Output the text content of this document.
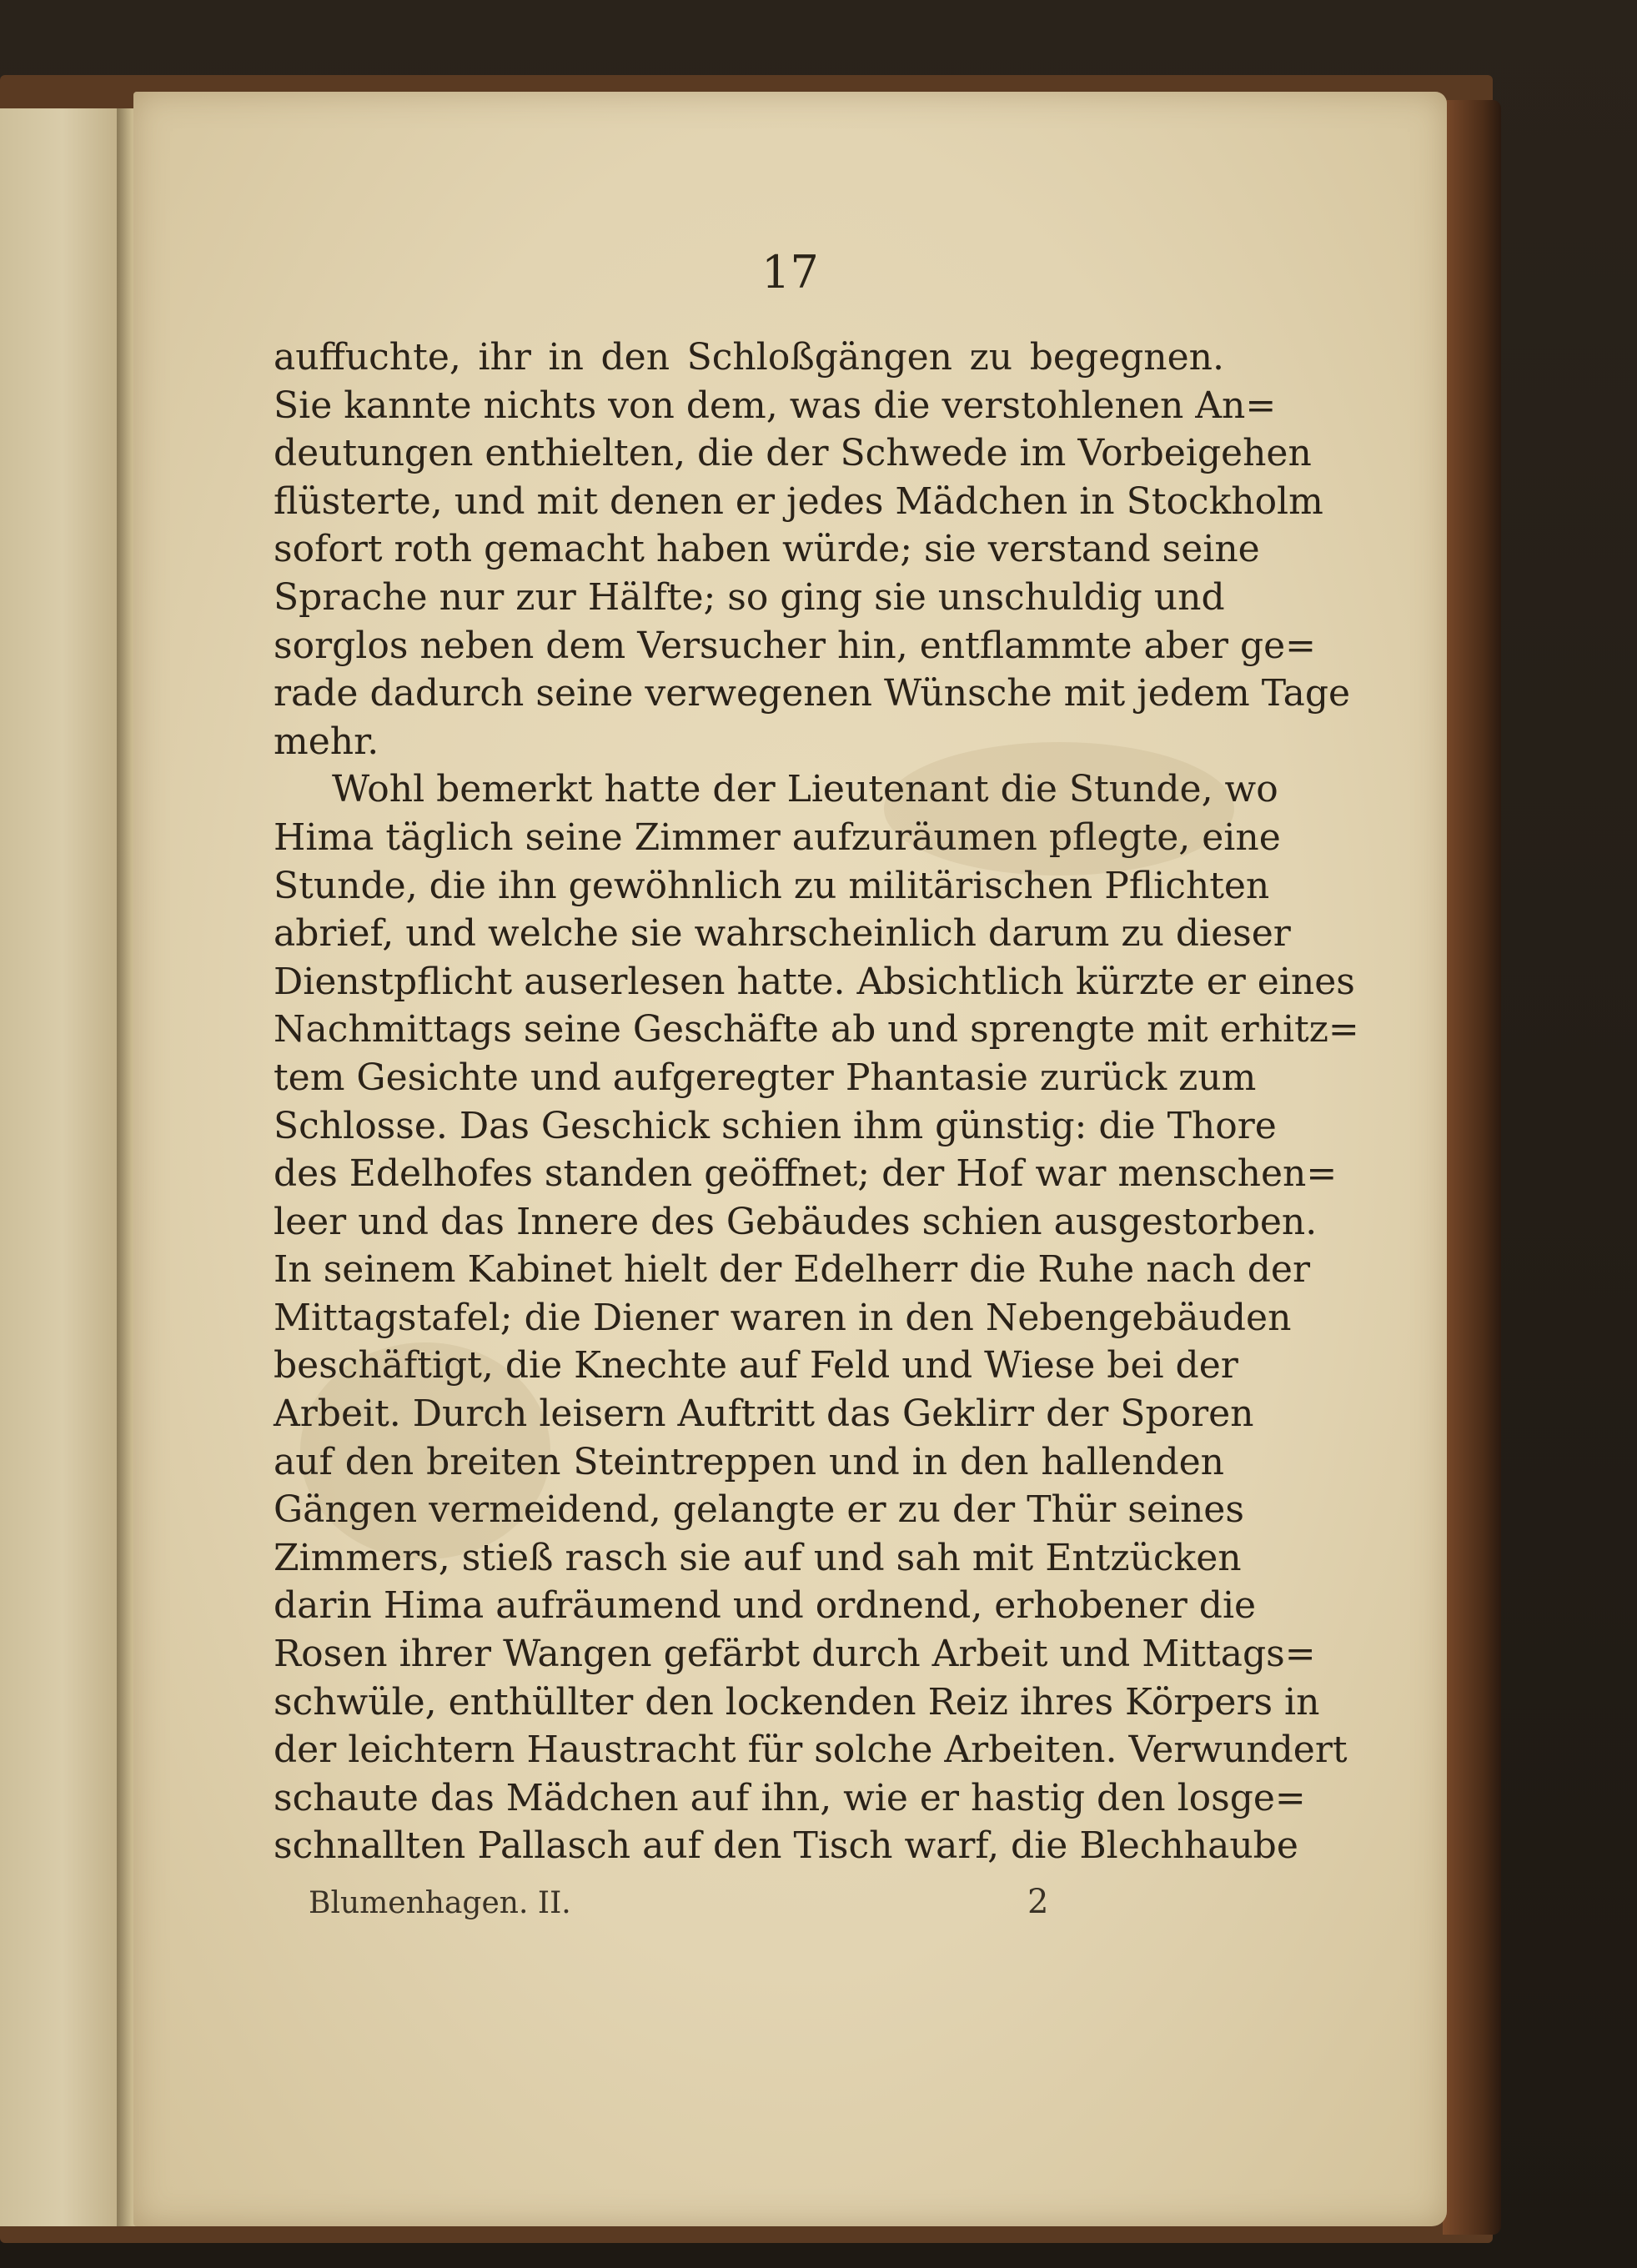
17
auffuchte, ihr in den Schloßgängen zu begegnen.
Sie kannte nichts von dem, was die verstohlenen An=
deutungen enthielten, die der Schwede im Vorbeigehen
flüsterte, und mit denen er jedes Mädchen in Stockholm
sofort roth gemacht haben würde; sie verstand seine
Sprache nur zur Hälfte; so ging sie unschuldig und
sorglos neben dem Versucher hin, entflammte aber ge=
rade dadurch seine verwegenen Wünsche mit jedem Tage
mehr.
Wohl bemerkt hatte der Lieutenant die Stunde, wo
Hima täglich seine Zimmer aufzuräumen pflegte, eine
Stunde, die ihn gewöhnlich zu militärischen Pflichten
abrief, und welche sie wahrscheinlich darum zu dieser
Dienstpflicht auserlesen hatte. Absichtlich kürzte er eines
Nachmittags seine Geschäfte ab und sprengte mit erhitz=
tem Gesichte und aufgeregter Phantasie zurück zum
Schlosse. Das Geschick schien ihm günstig: die Thore
des Edelhofes standen geöffnet; der Hof war menschen=
leer und das Innere des Gebäudes schien ausgestorben.
In seinem Kabinet hielt der Edelherr die Ruhe nach der
Mittagstafel; die Diener waren in den Nebengebäuden
beschäftigt, die Knechte auf Feld und Wiese bei der
Arbeit. Durch leisern Auftritt das Geklirr der Sporen
auf den breiten Steintreppen und in den hallenden
Gängen vermeidend, gelangte er zu der Thür seines
Zimmers, stieß rasch sie auf und sah mit Entzücken
darin Hima aufräumend und ordnend, erhobener die
Rosen ihrer Wangen gefärbt durch Arbeit und Mittags=
schwüle, enthüllter den lockenden Reiz ihres Körpers in
der leichtern Haustracht für solche Arbeiten. Verwundert
schaute das Mädchen auf ihn, wie er hastig den losge=
schnallten Pallasch auf den Tisch warf, die Blechhaube
Blumenhagen. II.	2
